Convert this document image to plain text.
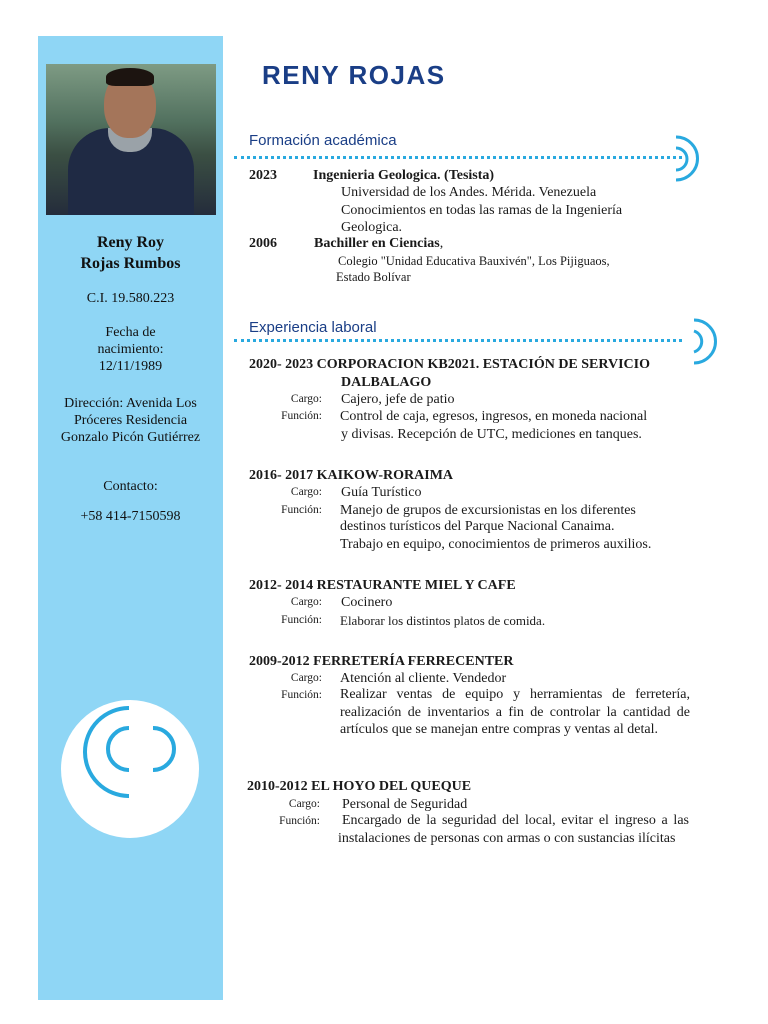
Reny Roy
Rojas Rumbos
C.I. 19.580.223
Fecha de
nacimiento:
12/11/1989
Dirección: Avenida Los
Próceres Residencia
Gonzalo Picón Gutiérrez
Contacto:
+58 414-7150598
RENY ROJAS
Formación académica
2023	Ingenieria Geologica. (Tesista)
Universidad de los Andes. Mérida. Venezuela
Conocimientos en todas las ramas de la Ingeniería
Geologica.
2006	Bachiller en Ciencias,
Colegio "Unidad Educativa Bauxivén", Los Pijiguaos,
Estado Bolívar
Experiencia laboral
2020- 2023 CORPORACION KB2021. ESTACIÓN DE SERVICIO
DALBALAGO
Cargo: Cajero, jefe de patio
Función: Control de caja, egresos, ingresos, en moneda nacional
y divisas. Recepción de UTC, mediciones en tanques.
2016- 2017 KAIKOW-RORAIMA
Cargo: Guía Turístico
Función: Manejo de grupos de excursionistas en los diferentes
destinos turísticos del Parque Nacional Canaima.
Trabajo en equipo, conocimientos de primeros auxilios.
2012- 2014 RESTAURANTE MIEL Y CAFE
Cargo: Cocinero
Función: Elaborar los distintos platos de comida.
2009-2012 FERRETERÍA FERRECENTER
Cargo: Atención al cliente. Vendedor
Función: Realizar ventas de equipo y herramientas de ferretería, realización de inventarios a fin de controlar la cantidad de artículos que se manejan entre compras y ventas al detal.
2010-2012 EL HOYO DEL QUEQUE
Cargo: Personal de Seguridad
Función: Encargado de la seguridad del local, evitar el ingreso a las instalaciones de personas con armas o con sustancias ilícitas
